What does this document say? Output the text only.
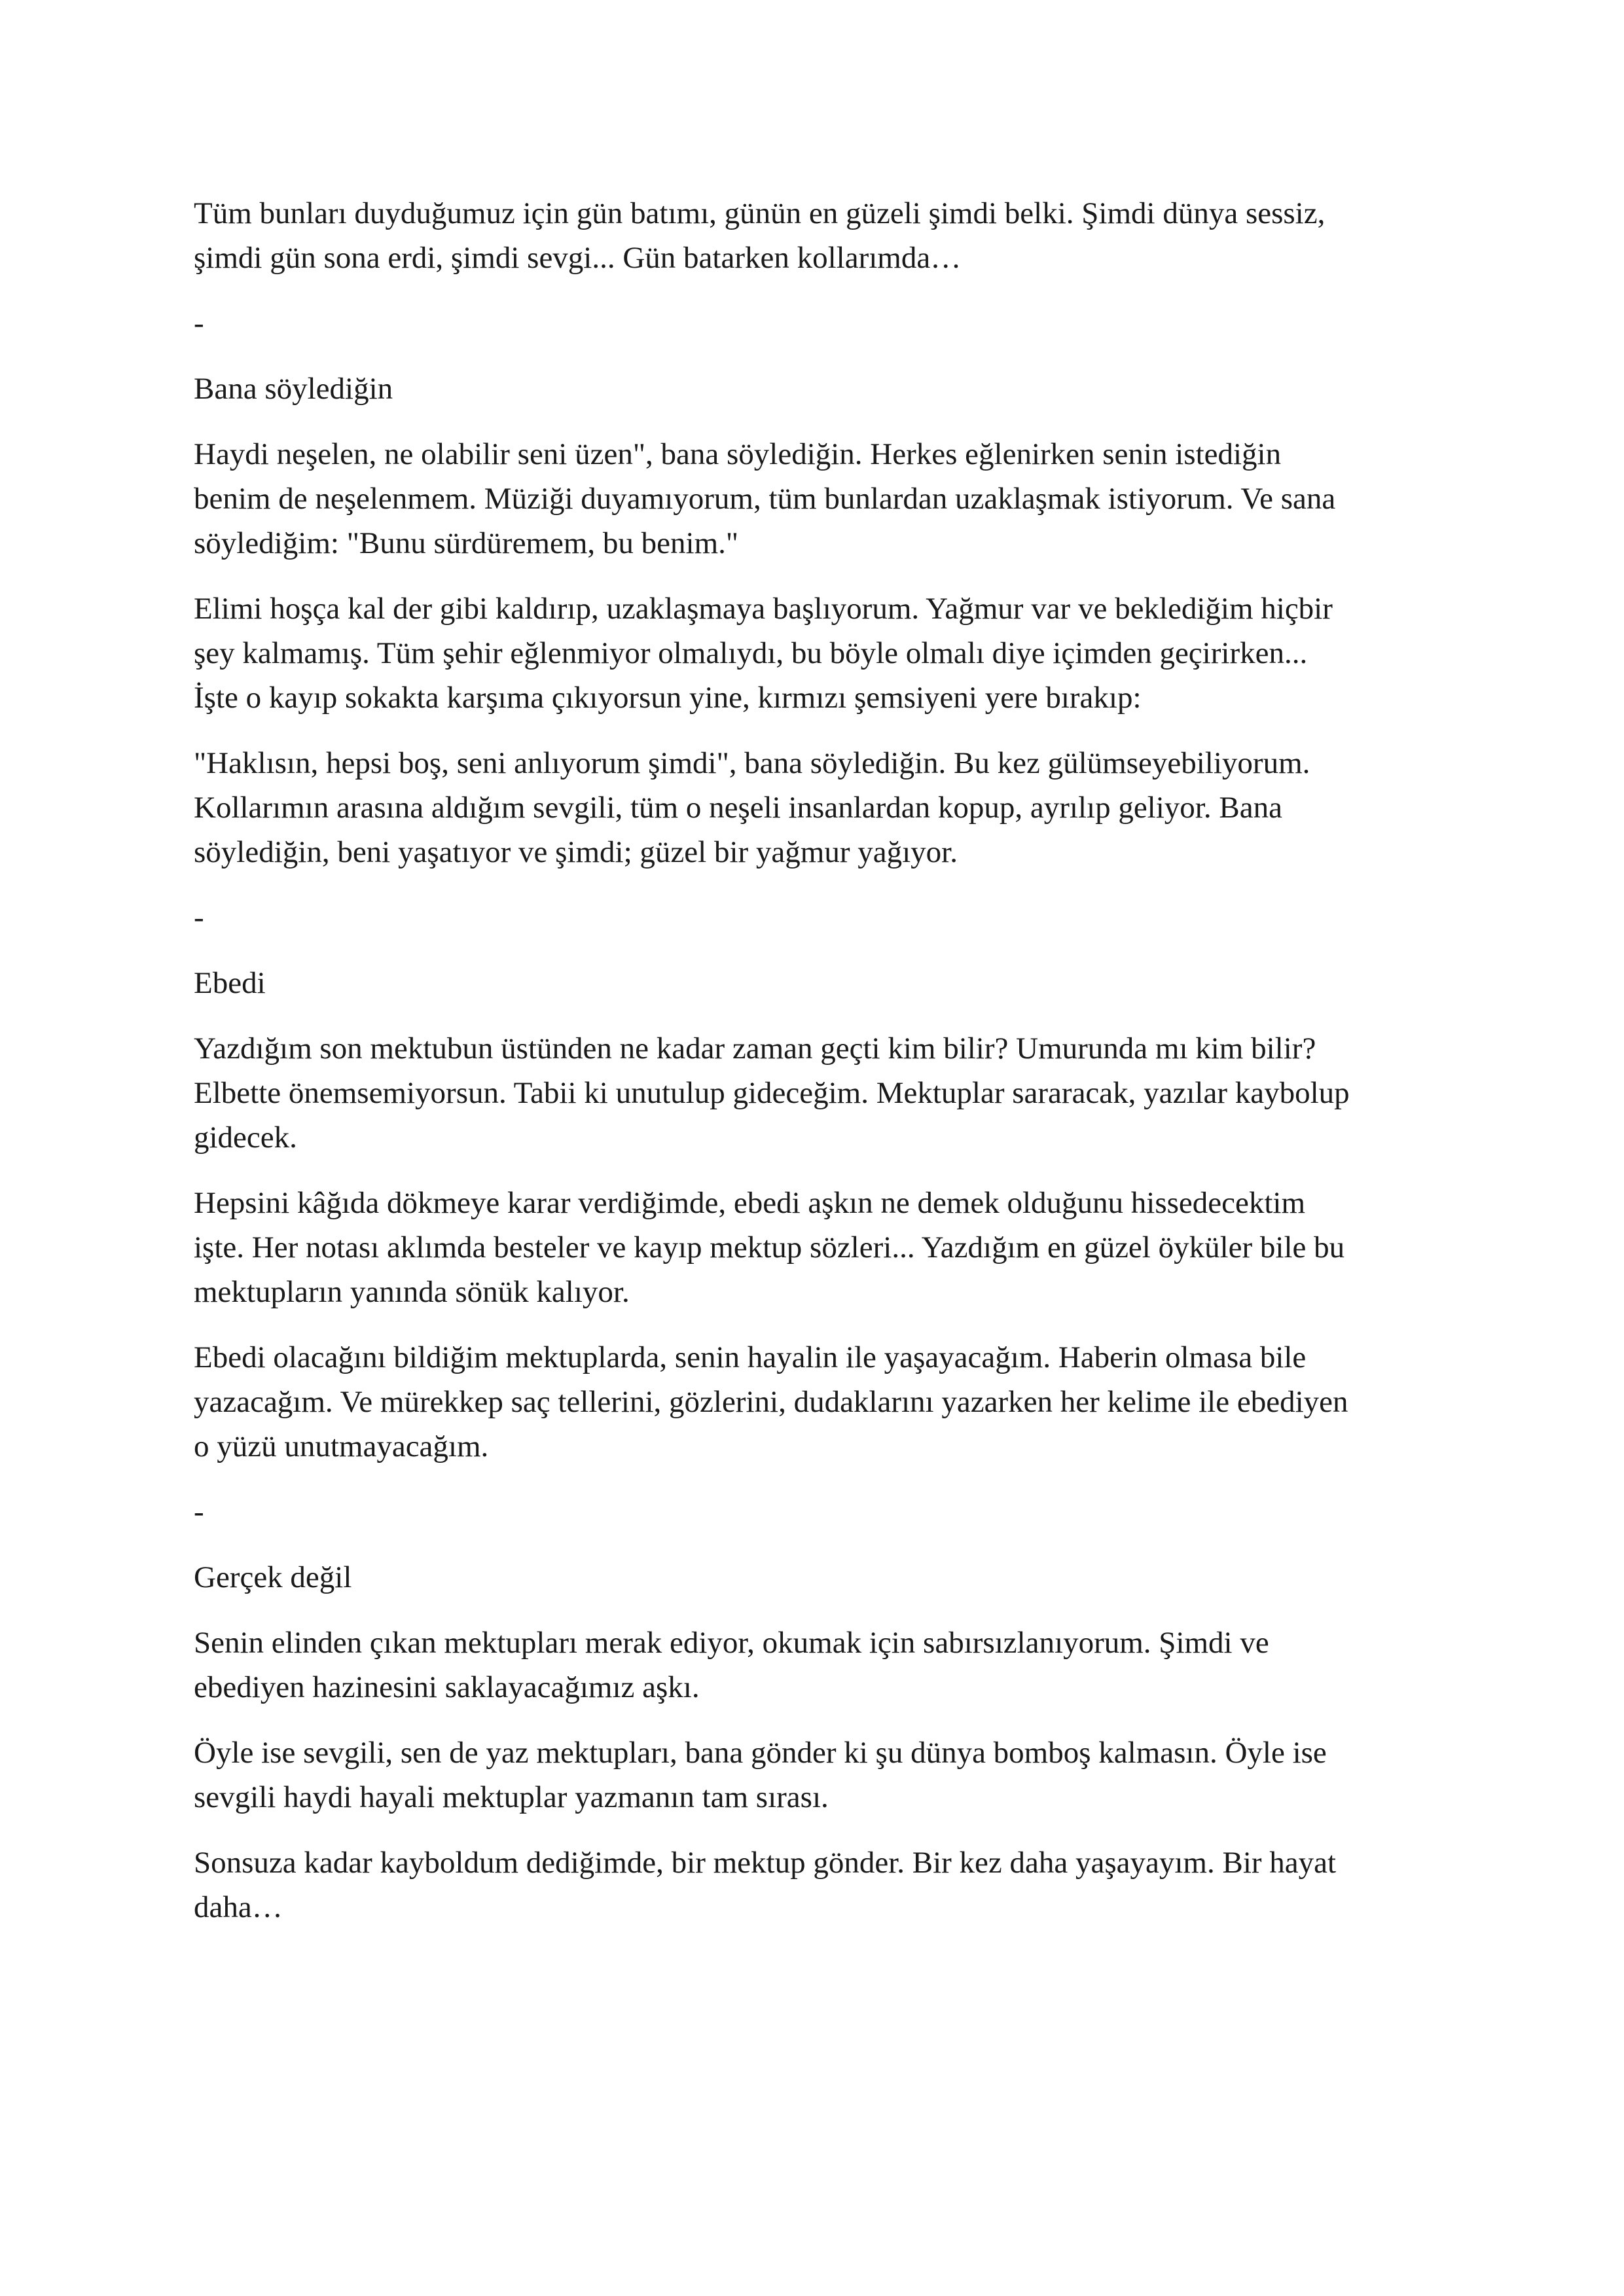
Tüm bunları duyduğumuz için gün batımı, günün en güzeli şimdi belki. Şimdi dünya sessiz,
şimdi gün sona erdi, şimdi sevgi... Gün batarken kollarımda…
-
Bana söylediğin
Haydi neşelen, ne olabilir seni üzen", bana söylediğin. Herkes eğlenirken senin istediğin
benim de neşelenmem. Müziği duyamıyorum, tüm bunlardan uzaklaşmak istiyorum. Ve sana
söylediğim: "Bunu sürdüremem, bu benim."
Elimi hoşça kal der gibi kaldırıp, uzaklaşmaya başlıyorum. Yağmur var ve beklediğim hiçbir
şey kalmamış. Tüm şehir eğlenmiyor olmalıydı, bu böyle olmalı diye içimden geçirirken...
İşte o kayıp sokakta karşıma çıkıyorsun yine, kırmızı şemsiyeni yere bırakıp:
"Haklısın, hepsi boş, seni anlıyorum şimdi", bana söylediğin. Bu kez gülümseyebiliyorum.
Kollarımın arasına aldığım sevgili, tüm o neşeli insanlardan kopup, ayrılıp geliyor. Bana
söylediğin, beni yaşatıyor ve şimdi; güzel bir yağmur yağıyor.
-
Ebedi
Yazdığım son mektubun üstünden ne kadar zaman geçti kim bilir? Umurunda mı kim bilir?
Elbette önemsemiyorsun. Tabii ki unutulup gideceğim. Mektuplar sararacak, yazılar kaybolup
gidecek.
Hepsini kâğıda dökmeye karar verdiğimde, ebedi aşkın ne demek olduğunu hissedecektim
işte. Her notası aklımda besteler ve kayıp mektup sözleri... Yazdığım en güzel öyküler bile bu
mektupların yanında sönük kalıyor.
Ebedi olacağını bildiğim mektuplarda, senin hayalin ile yaşayacağım. Haberin olmasa bile
yazacağım. Ve mürekkep saç tellerini, gözlerini, dudaklarını yazarken her kelime ile ebediyen
o yüzü unutmayacağım.
-
Gerçek değil
Senin elinden çıkan mektupları merak ediyor, okumak için sabırsızlanıyorum. Şimdi ve
ebediyen hazinesini saklayacağımız aşkı.
Öyle ise sevgili, sen de yaz mektupları, bana gönder ki şu dünya bomboş kalmasın. Öyle ise
sevgili haydi hayali mektuplar yazmanın tam sırası.
Sonsuza kadar kayboldum dediğimde, bir mektup gönder. Bir kez daha yaşayayım. Bir hayat
daha…
